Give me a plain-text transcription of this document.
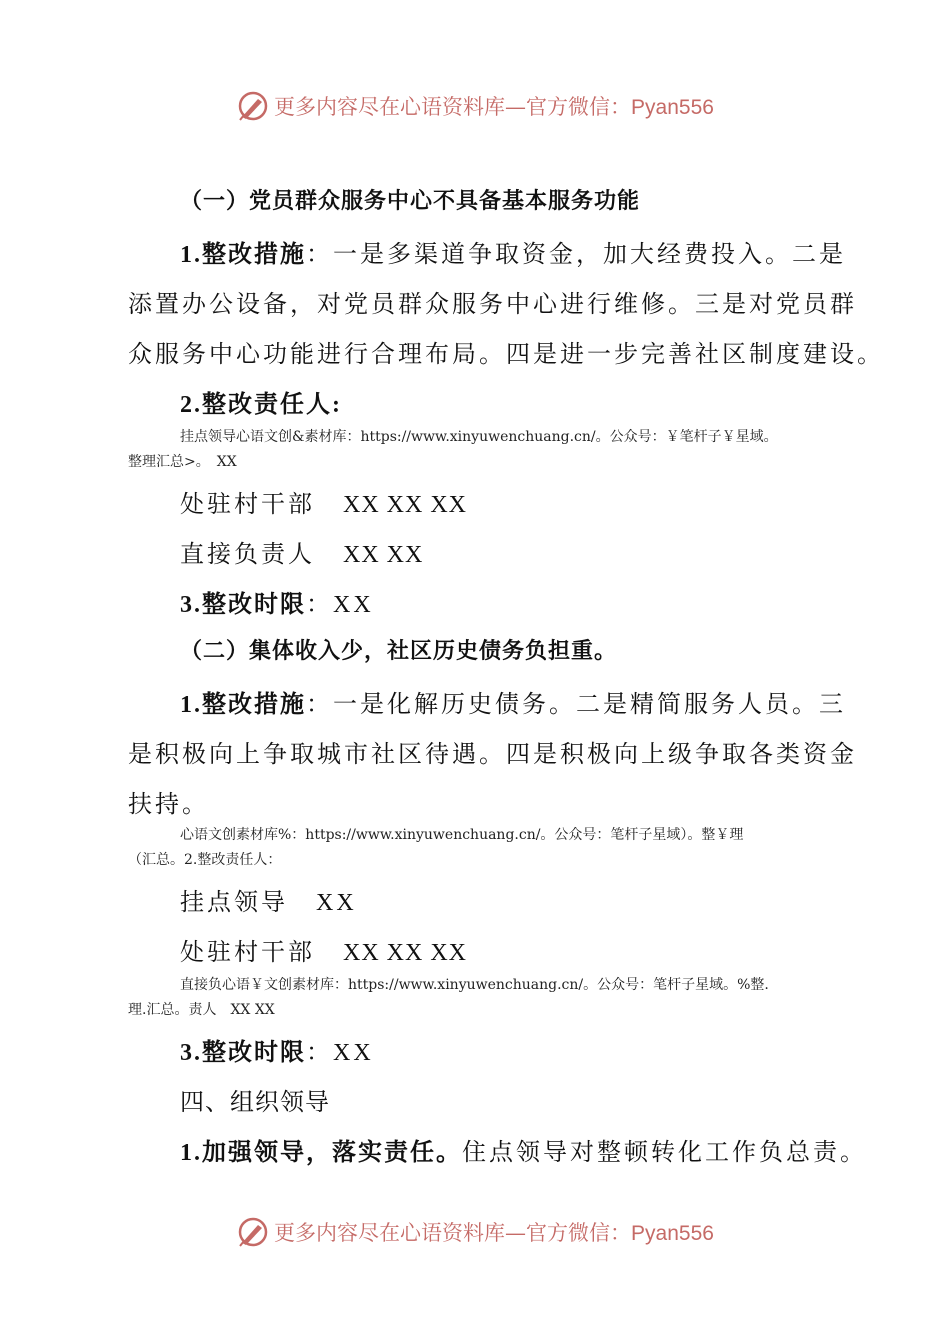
更多内容尽在心语资料库—官方微信：Pyan556
（一）党员群众服务中心不具备基本服务功能
1.整改措施：一是多渠道争取资金，加大经费投入。二是
添置办公设备，对党员群众服务中心进行维修。三是对党员群
众服务中心功能进行合理布局。四是进一步完善社区制度建设。
2.整改责任人:
挂点领导心语文创&素材库：https://www.xinyuwenchuang.cn/。公众号：￥笔杆子￥星域。
整理汇总>。　XX
处驻村干部 XX XX XX
直接负责人 XX XX
3.整改时限：XX
（二）集体收入少，社区历史债务负担重。
1.整改措施：一是化解历史债务。二是精简服务人员。三
是积极向上争取城市社区待遇。四是积极向上级争取各类资金
扶持。
心语文创素材库%：https://www.xinyuwenchuang.cn/。公众号：笔杆子星域）。整￥理
（汇总。2.整改责任人：
挂点领导 XX
处驻村干部 XX XX XX
直接负心语￥文创素材库：https://www.xinyuwenchuang.cn/。公众号：笔杆子星域。%整.
理.汇总。责人　XX XX
3.整改时限：XX
四、组织领导
1.加强领导，落实责任。住点领导对整顿转化工作负总责。
更多内容尽在心语资料库—官方微信：Pyan556
